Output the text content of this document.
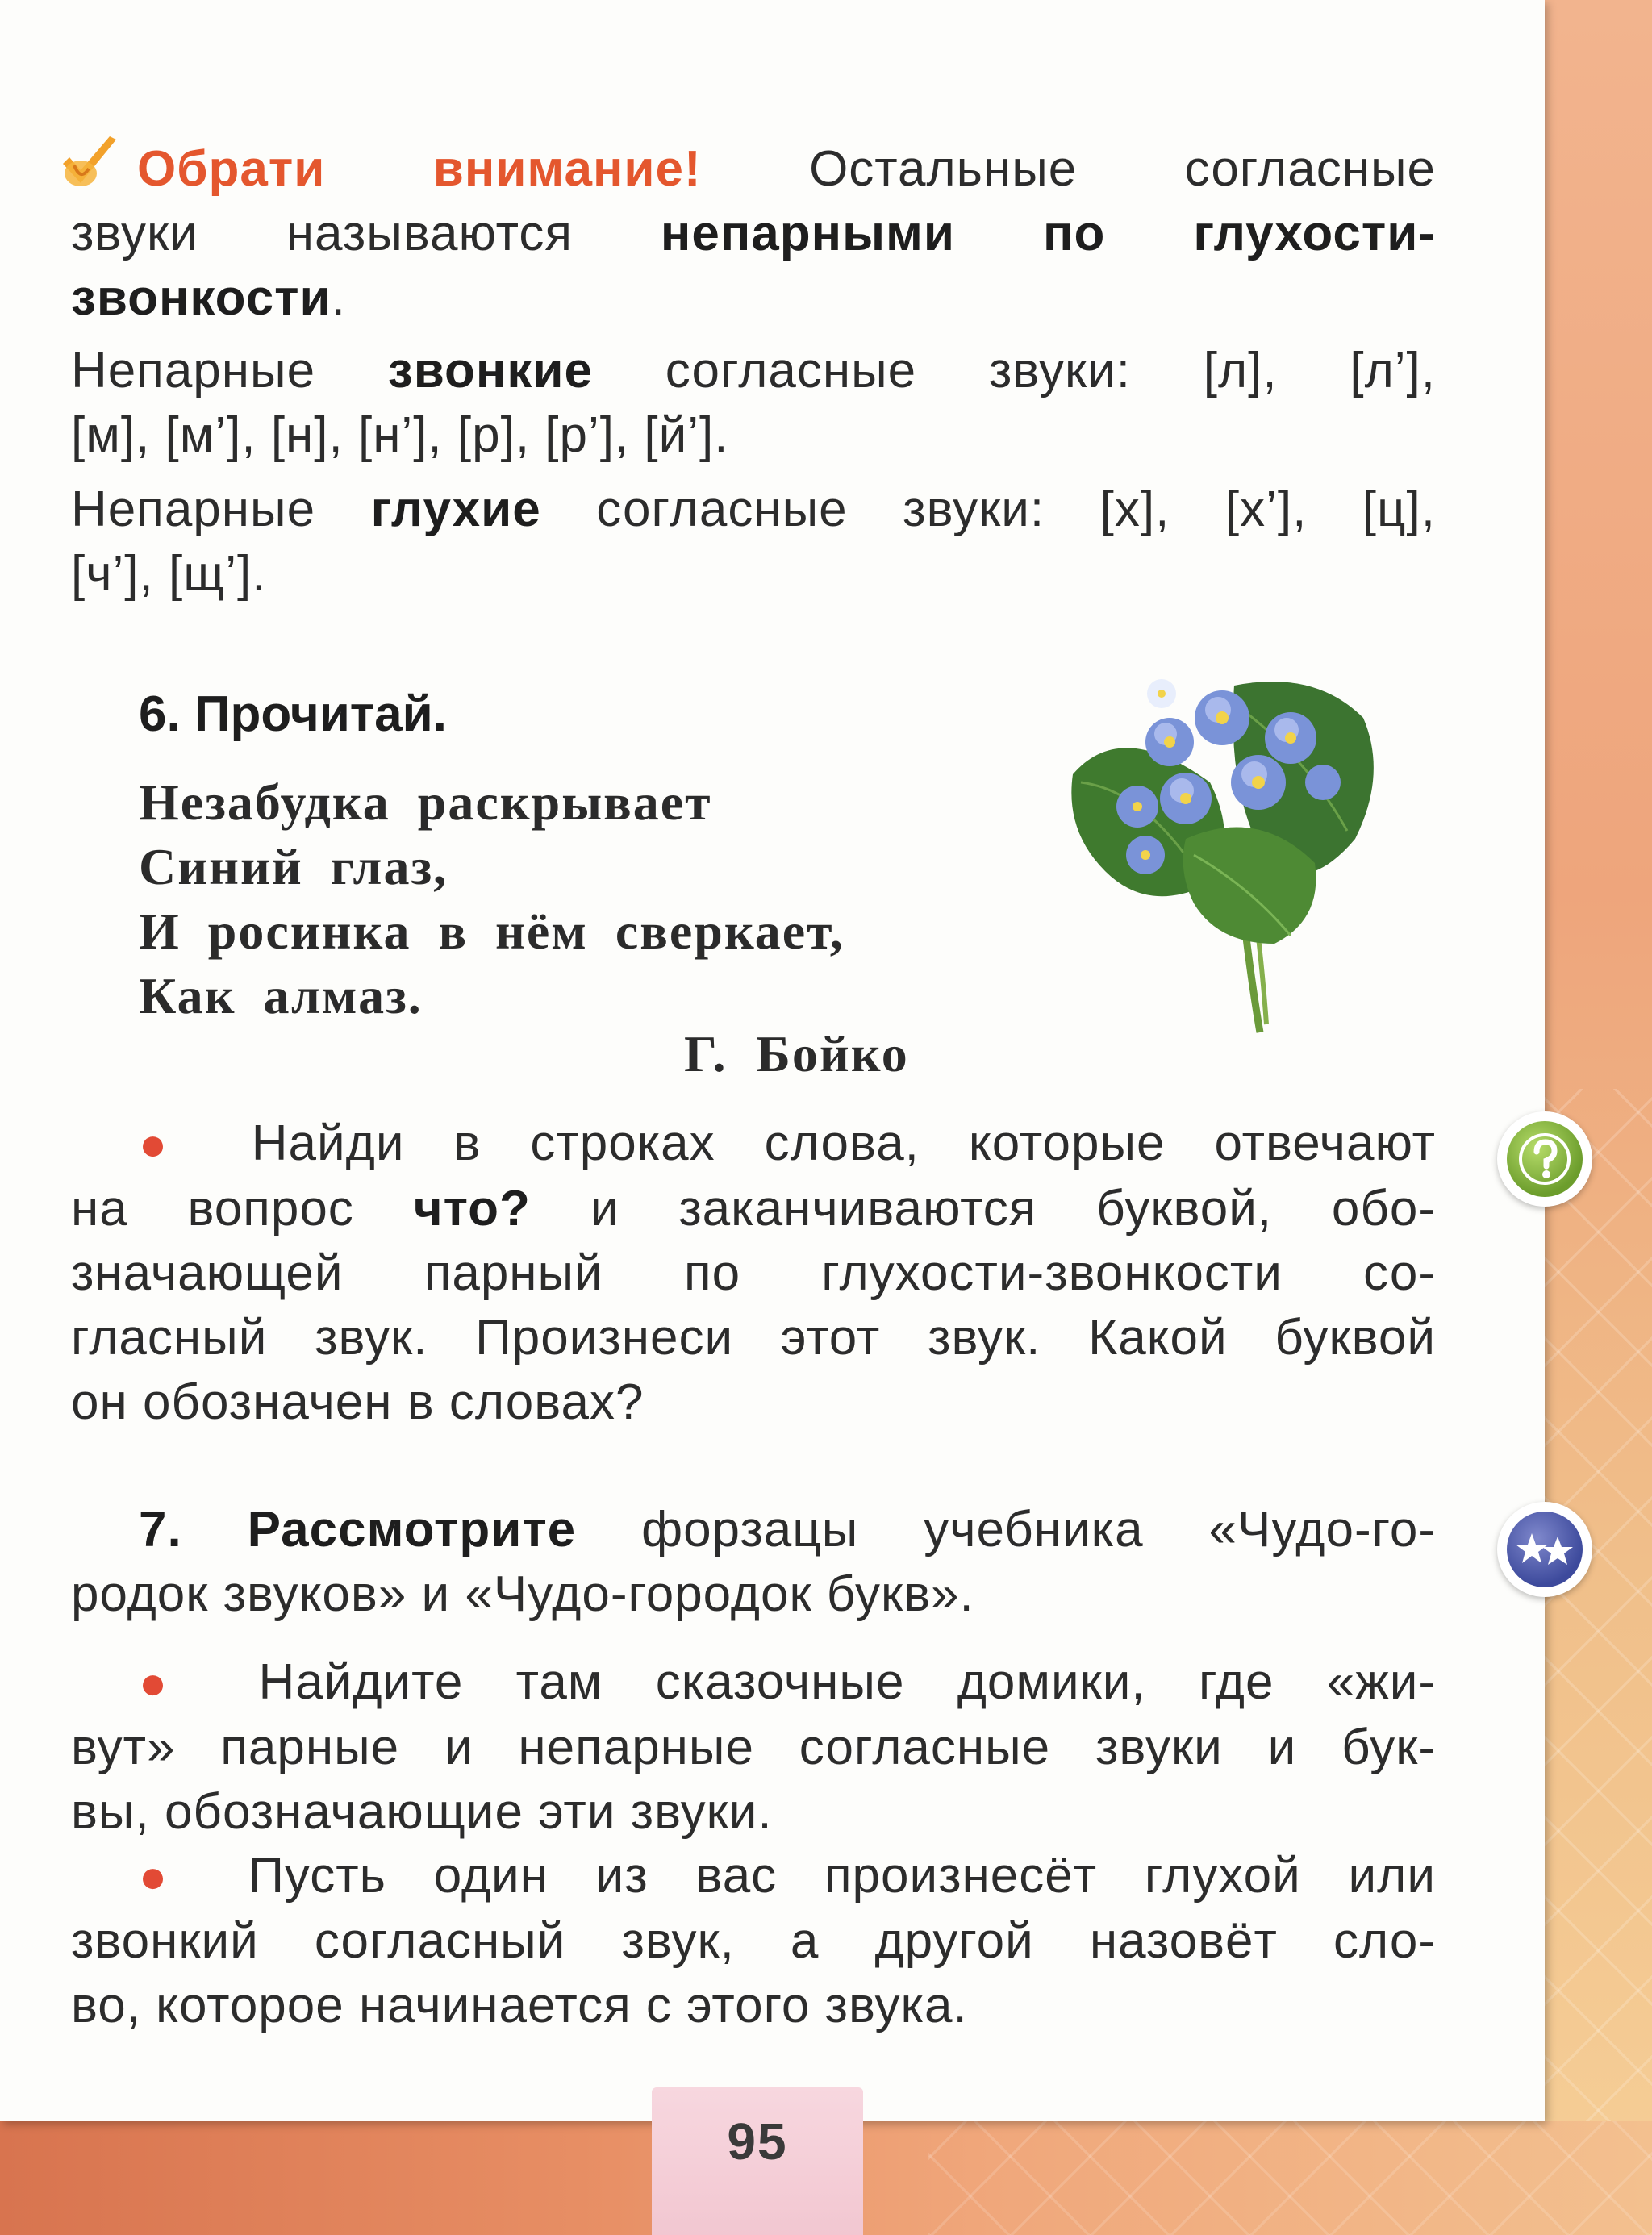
Обрати внимание! Остальные согласные
звуки называются непарными по глухости-
звонкости.
Непарные звонкие согласные звуки: [л], [л’],
[м], [м’], [н], [н’], [р], [р’], [й’].
Непарные глухие согласные звуки: [х], [х’], [ц],
[ч’], [щ’].
6. Прочитай.
Незабудка раскрывает
Синий глаз,
И росинка в нём сверкает,
Как алмаз.
Г. Бойко
● Найди в строках слова, которые отвечают
на вопрос что? и заканчиваются буквой, обо-
значающей парный по глухости-звонкости со-
гласный звук. Произнеси этот звук. Какой буквой
он обозначен в словах?
7. Рассмотрите форзацы учебника «Чудо-го-
родок звуков» и «Чудо-городок букв».
● Найдите там сказочные домики, где «жи-
вут» парные и непарные согласные звуки и бук-
вы, обозначающие эти звуки.
● Пусть один из вас произнесёт глухой или
звонкий согласный звук, а другой назовёт сло-
во, которое начинается с этого звука.
95
